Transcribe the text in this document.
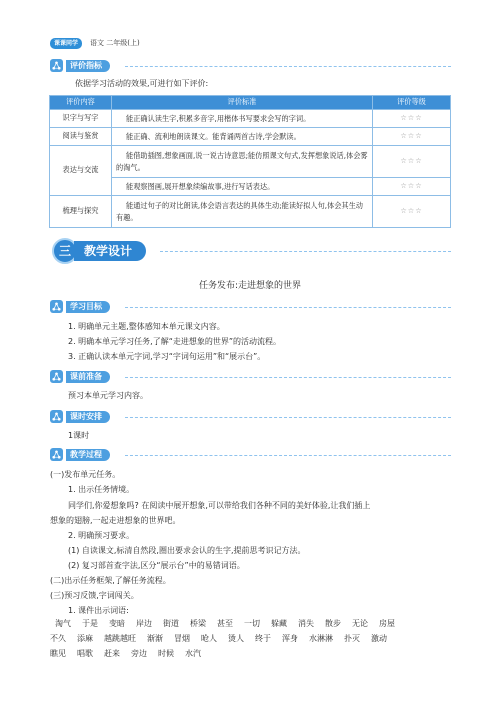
课课同学	语文 二年级(上)
评价指标
依据学习活动的效果,可进行如下评价:
评价内容	评价标准	评价等级
识字与写字	能正确认读生字,积累多音字,用楷体书写要求会写的字词。	☆☆☆
阅读与鉴赏	能正确、流利地朗读课文。能背诵两首古诗,学会默读。	☆☆☆
表达与交流	能借助插图,想象画面,说一说古诗意思;能仿照课文句式,发挥想象说话,体会雾的淘气。	☆☆☆
	能观察图画,展开想象续编故事,进行写话表达。	☆☆☆
梳理与探究	能通过句子的对比朗读,体会语言表达的具体生动;能读好拟人句,体会其生动有趣。	☆☆☆
三	教学设计
任务发布:走进想象的世界
学习目标
1. 明确单元主题,整体感知本单元课文内容。
2. 明确本单元学习任务,了解“走进想象的世界”的活动流程。
3. 正确认读本单元字词,学习“字词句运用”和“展示台”。
课前准备
预习本单元学习内容。
课时安排
1课时
教学过程
(一)发布单元任务。
1. 出示任务情境。
同学们,你爱想象吗? 在阅读中展开想象,可以带给我们各种不同的美好体验,让我们插上
想象的翅膀,一起走进想象的世界吧。
2. 明确预习要求。
(1) 自读课文,标清自然段,圈出要求会认的生字,提前思考识记方法。
(2) 复习部首查字法,区分“展示台”中的易错词语。
(二)出示任务框架,了解任务流程。
(三)预习反馈,字词闯关。
1. 课件出示词语:
淘气 于是 变暗 岸边 街道 桥梁 甚至 一切 躲藏 消失 散步 无论 房屋
不久 添麻 越跳越旺 渐渐 冒烟 呛人 烫人 终于 浑身 水淋淋 扑灭 激动
瞧见 唱歌 赶来 旁边 时候 水汽
